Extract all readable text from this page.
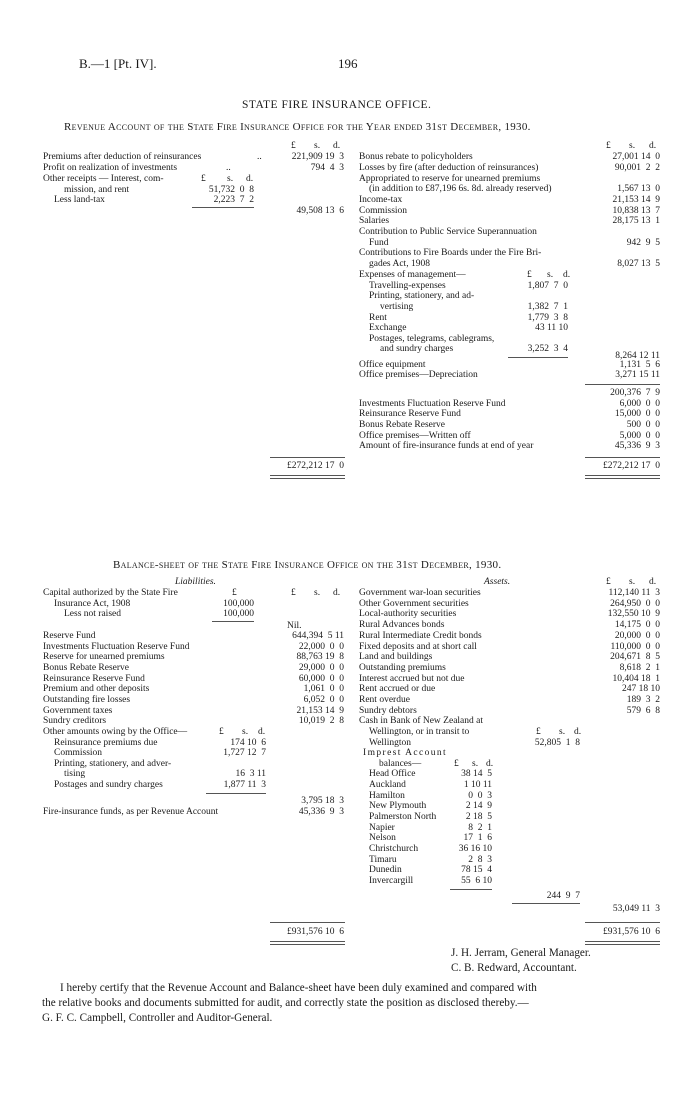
B.—1 [Pt. IV].	196
STATE FIRE INSURANCE OFFICE.
Revenue Account of the State Fire Insurance Office for the Year ended 31st December, 1930.
£ s. d.	£ s. d.
Premiums after deduction of reinsurances	..	221,909 19  3
Profit on realization of investments	..	794  4  3
Other receipts — Interest, com-	£ s. d.
mission, and rent	51,732  0  8
Less land-tax	2,223  7  2
49,508 13  6
Bonus rebate to policyholders	27,001 14  0
Losses by fire (after deduction of reinsurances)	90,001  2  2
Appropriated to reserve for unearned premiums
(in addition to £87,196 6s. 8d. already reserved)	1,567 13  0
Income-tax	21,153 14  9
Commission	10,838 13  7
Salaries	28,175 13  1
Contribution to Public Service Superannuation
Fund	942  9  5
Contributions to Fire Boards under the Fire Bri-
gades Act, 1908	8,027 13  5
Expenses of management—	£ s. d.
Travelling-expenses	1,807  7  0
Printing, stationery, and ad-
vertising	1,382  7  1
Rent	1,779  3  8
Exchange	43 11 10
Postages, telegrams, cablegrams,
and sundry charges	3,252  3  4
8,264 12 11
Office equipment	1,131  5  6
Office premises—Depreciation	3,271 15 11
200,376  7  9
Investments Fluctuation Reserve Fund	6,000  0  0
Reinsurance Reserve Fund	15,000  0  0
Bonus Rebate Reserve	500  0  0
Office premises—Written off	5,000  0  0
Amount of fire-insurance funds at end of year	45,336  9  3
£272,212 17  0	£272,212 17  0
Balance-sheet of the State Fire Insurance Office on the 31st December, 1930.
Liabilities.	Assets.	£ s. d.
Capital authorized by the State Fire	£	£ s. d.
Insurance Act, 1908	100,000
Less not raised	100,000
Nil.
Reserve Fund	644,394  5 11
Investments Fluctuation Reserve Fund	22,000  0  0
Reserve for unearned premiums	88,763 19  8
Bonus Rebate Reserve	29,000  0  0
Reinsurance Reserve Fund	60,000  0  0
Premium and other deposits	1,061  0  0
Outstanding fire losses	6,052  0  0
Government taxes	21,153 14  9
Sundry creditors	10,019  2  8
Other amounts owing by the Office—	£ s. d.
Reinsurance premiums due	174 10  6
Commission	1,727 12  7
Printing, stationery, and adver-
tising	16  3 11
Postages and sundry charges	1,877 11  3
3,795 18  3
Fire-insurance funds, as per Revenue Account	45,336  9  3
Government war-loan securities	112,140 11  3
Other Government securities	264,950  0  0
Local-authority securities	132,550 10  9
Rural Advances bonds	14,175  0  0
Rural Intermediate Credit bonds	20,000  0  0
Fixed deposits and at short call	110,000  0  0
Land and buildings	204,671  8  5
Outstanding premiums	8,618  2  1
Interest accrued but not due	10,404 18  1
Rent accrued or due	247 18 10
Rent overdue	189  3  2
Sundry debtors	579  6  8
Cash in Bank of New Zealand at
Wellington, or in transit to	£ s. d.
Wellington	52,805  1  8
Imprest Account
balances—	£ s. d.
Head Office	38 14  5
Auckland	1 10 11
Hamilton	0  0  3
New Plymouth	2 14  9
Palmerston North	2 18  5
Napier	8  2  1
Nelson	17  1  6
Christchurch	36 16 10
Timaru	2  8  3
Dunedin	78 15  4
Invercargill	55  6 10
244  9  7
53,049 11  3
£931,576 10  6	£931,576 10  6
J. H. Jerram, General Manager.
C. B. Redward, Accountant.
I hereby certify that the Revenue Account and Balance-sheet have been duly examined and compared with
the relative books and documents submitted for audit, and correctly state the position as disclosed thereby.—
G. F. C. Campbell, Controller and Auditor-General.
